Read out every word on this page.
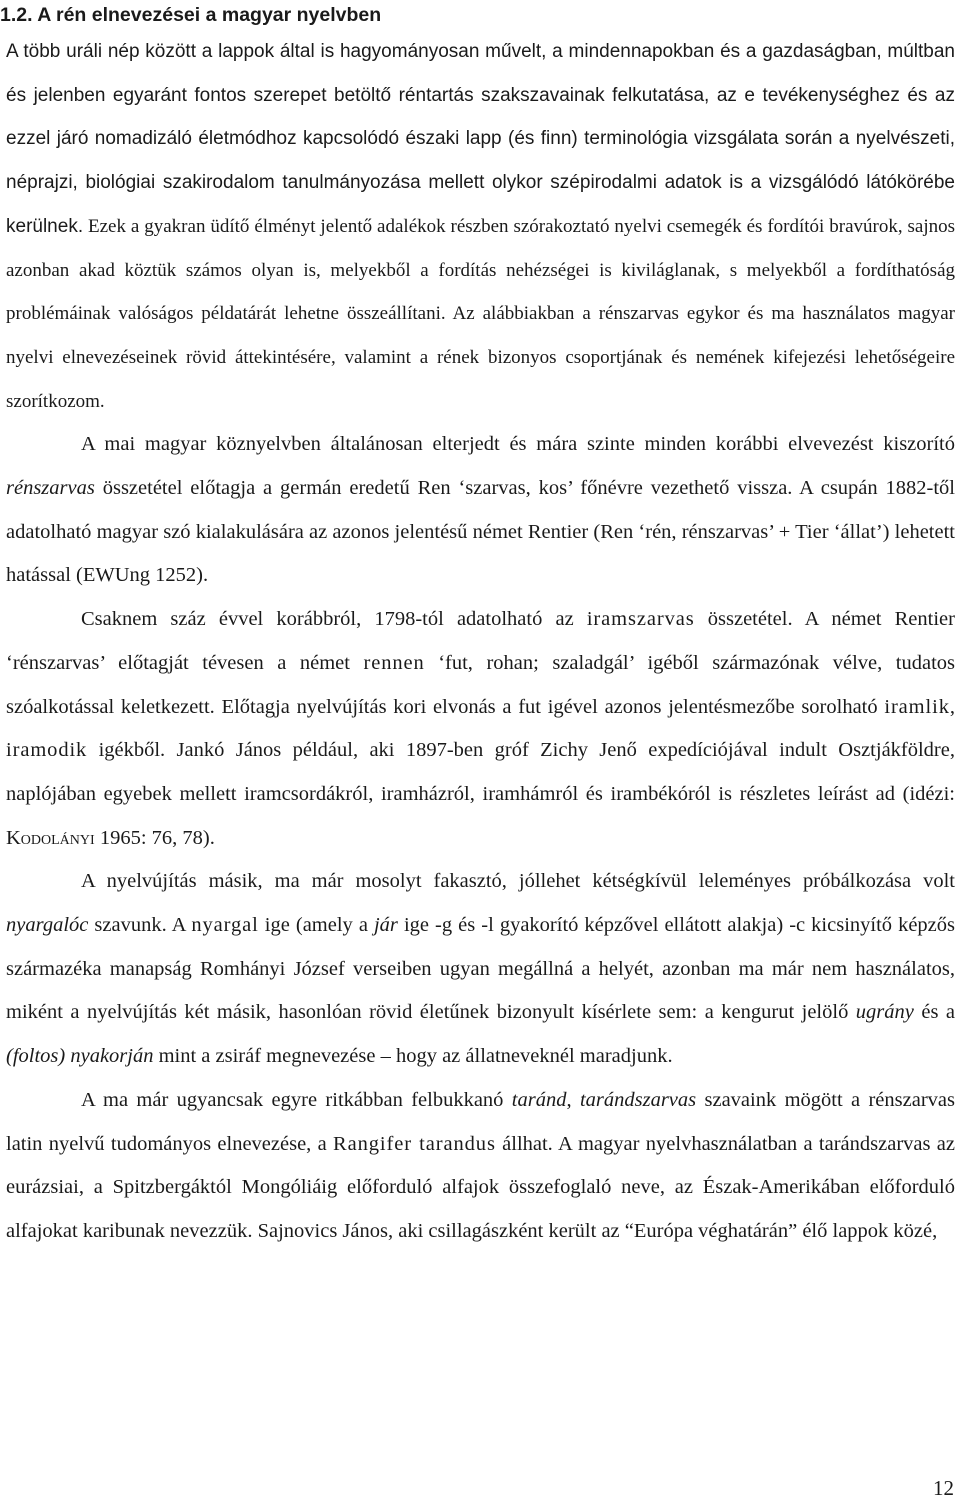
1.2. A rén elnevezései a magyar nyelvben

A több uráli nép között a lappok által is hagyományosan művelt, a mindennapokban és a gazdaságban, múltban és jelenben egyaránt fontos szerepet betöltő réntartás szakszavainak felkutatása, az e tevékenységhez és az ezzel járó nomadizáló életmódhoz kapcsolódó északi lapp (és finn) terminológia vizsgálata során a nyelvészeti, néprajzi, biológiai szakirodalom tanulmányozása mellett olykor szépirodalmi adatok is a vizsgálódó látókörébe kerülnek. Ezek a gyakran üdítő élményt jelentő adalékok részben szórakoztató nyelvi csemegék és fordítói bravúrok, sajnos azonban akad köztük számos olyan is, melyekből a fordítás nehézségei is kiviláglanak, s melyekből a fordíthatóság problémáinak valóságos példatárát lehetne összeállítani. Az alábbiakban a rénszarvas egykor és ma használatos magyar nyelvi elnevezéseinek rövid áttekintésére, valamint a rének bizonyos csoportjának és nemének kifejezési lehetőségeire szorítkozom.

A mai magyar köznyelvben általánosan elterjedt és mára szinte minden korábbi elvevezést kiszorító rénszarvas összetétel előtagja a germán eredetű Ren ‘szarvas, kos’ főnévre vezethető vissza. A csupán 1882-től adatolható magyar szó kialakulására az azonos jelentésű német Rentier (Ren ‘rén, rénszarvas’ + Tier ‘állat’) lehetett hatással (EWUng 1252).

Csaknem száz évvel korábbról, 1798-tól adatolható az iramszarvas összetétel. A német Rentier ‘rénszarvas’ előtagját tévesen a német rennen ‘fut, rohan; szaladgál’ igéből származónak vélve, tudatos szóalkotással keletkezett. Előtagja nyelvújítás kori elvonás a fut igével azonos jelentésmezőbe sorolható iramlik, iramodik igékből. Jankó János például, aki 1897-ben gróf Zichy Jenő expedíciójával indult Osztjákföldre, naplójában egyebek mellett iramcsordákról, iramházról, iramhámról és irambékóról is részletes leírást ad (idézi: Kodolányi 1965: 76, 78).

A nyelvújítás másik, ma már mosolyt fakasztó, jóllehet kétségkívül leleményes próbálkozása volt nyargalóc szavunk. A nyargal ige (amely a jár ige -g és -l gyakorító képzővel ellátott alakja) -c kicsinyítő képzős származéka manapság Romhányi József verseiben ugyan megállná a helyét, azonban ma már nem használatos, miként a nyelvújítás két másik, hasonlóan rövid életűnek bizonyult kísérlete sem: a kengurut jelölő ugrány és a (foltos) nyakorján mint a zsiráf megnevezése – hogy az állatneveknél maradjunk.

A ma már ugyancsak egyre ritkábban felbukkanó taránd, tarándszarvas szavaink mögött a rénszarvas latin nyelvű tudományos elnevezése, a Rangifer tarandus állhat. A magyar nyelvhasználatban a tarándszarvas az eurázsiai, a Spitzbergáktól Mongóliáig előforduló alfajok összefoglaló neve, az Észak-Amerikában előforduló alfajokat karibunak nevezzük. Sajnovics János, aki csillagászként került az “Európa véghatárán” élő lappok közé,

12
